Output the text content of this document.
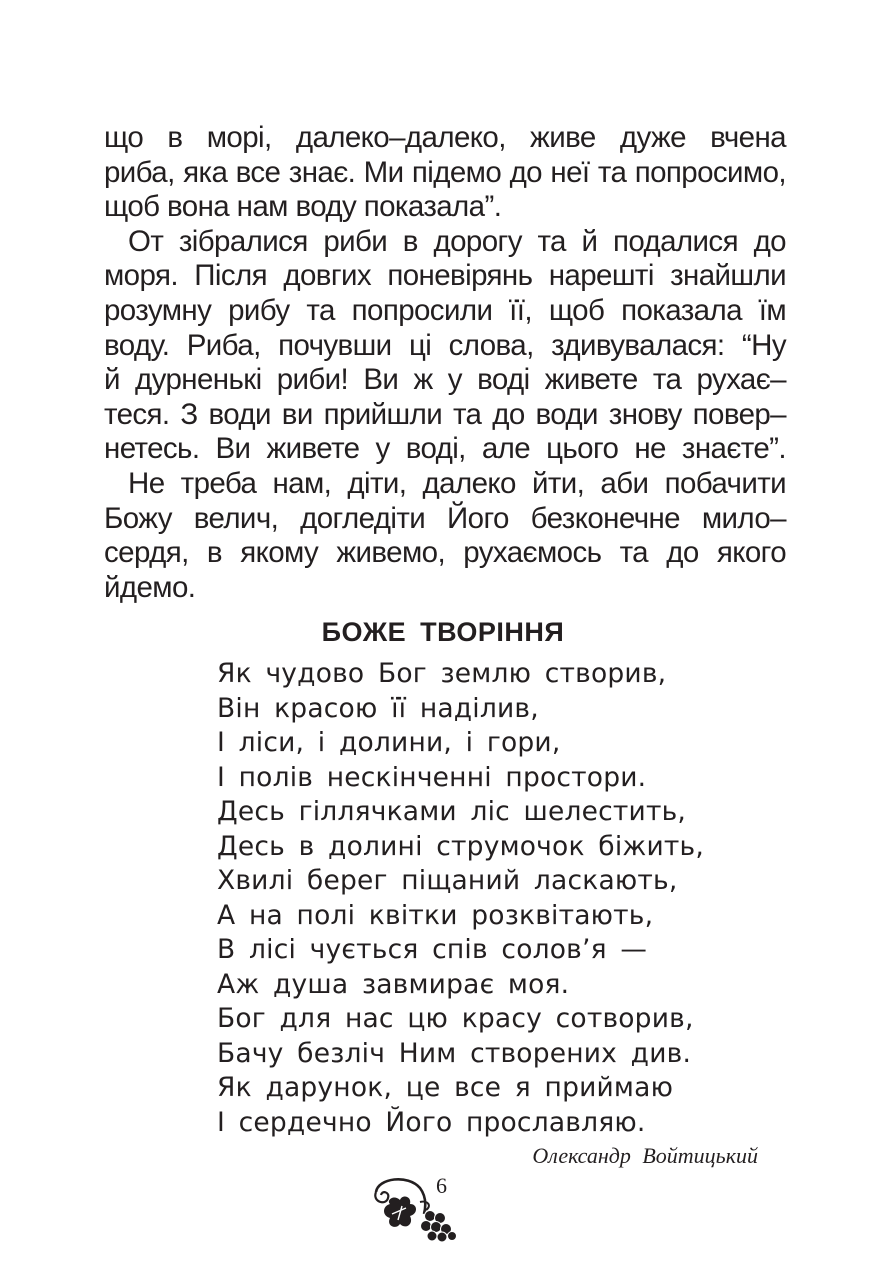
що в морі, далеко–далеко, живе дуже вчена
риба, яка все знає. Ми підемо до неї та попросимо,
щоб вона нам воду показала”.
От зібралися риби в дорогу та й подалися до
моря. Після довгих поневірянь нарешті знайшли
розумну рибу та попросили її, щоб показала їм
воду. Риба, почувши ці слова, здивувалася: “Ну
й дурненькі риби! Ви ж у воді живете та рухає–
теся. З води ви прийшли та до води знову повер–
нетесь. Ви живете у воді, але цього не знаєте”.
Не треба нам, діти, далеко йти, аби побачити
Божу велич, догледіти Його безконечне мило–
сердя, в якому живемо, рухаємось та до якого
йдемо.
БОЖЕ ТВОРІННЯ
Як чудово Бог землю створив,
Він красою її наділив,
І ліси, і долини, і гори,
І полів нескінченні простори.
Десь гіллячками ліс шелестить,
Десь в долині струмочок біжить,
Хвилі берег піщаний ласкають,
А на полі квітки розквітають,
В лісі чується спів солов’я —
Аж душа завмирає моя.
Бог для нас цю красу сотворив,
Бачу безліч Ним створених див.
Як дарунок, це все я приймаю
І сердечно Його прославляю.
Олександр Войтицький
6
